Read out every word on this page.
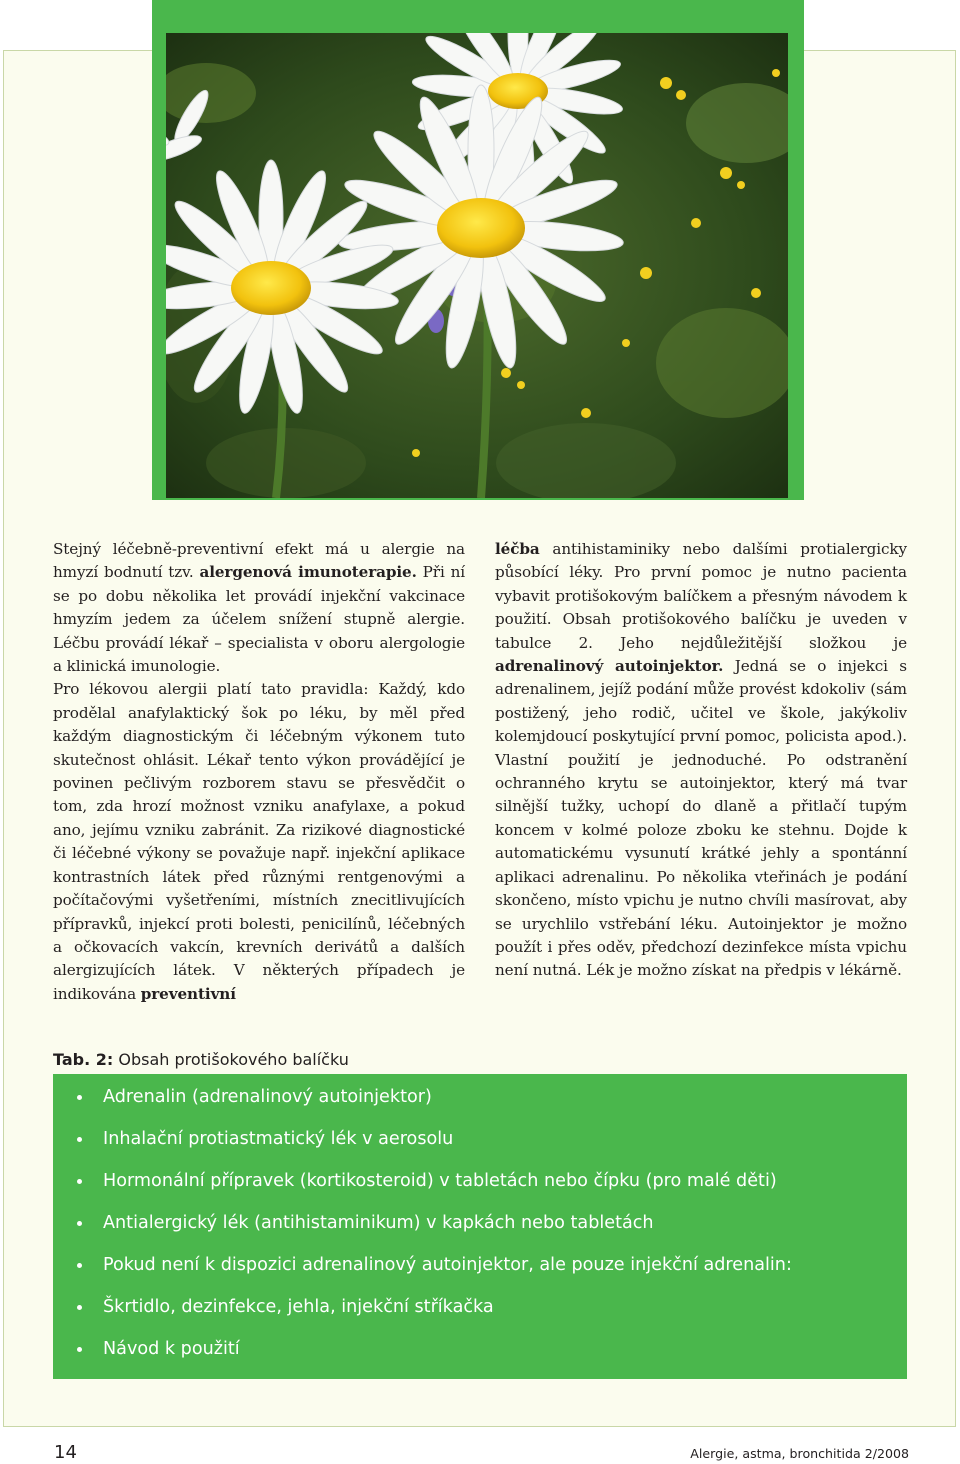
Stejný léčebně-preventivní efekt má u alergie na hmyzí bodnutí tzv. alergenová imunoterapie. Při ní se po dobu několika let provádí injekční vakcinace hmyzím jedem za účelem snížení stupně alergie. Léčbu provádí lékař – specialista v oboru alergologie a klinická imunologie.

Pro lékovou alergii platí tato pravidla: Každý, kdo prodělal anafylaktický šok po léku, by měl před každým diagnostickým či léčebným výkonem tuto skutečnost ohlásit. Lékař tento výkon provádějící je povinen pečlivým rozborem stavu se přesvědčit o tom, zda hrozí možnost vzniku anafylaxe, a pokud ano, jejímu vzniku zabránit. Za rizikové diagnostické či léčebné výkony se považuje např. injekční aplikace kontrastních látek před různými rentgenovými a počítačovými vyšetřeními, místních znecitlivujících přípravků, injekcí proti bolesti, penicilínů, léčebných a očkovacích vakcín, krevních derivátů a dalších alergizujících látek. V některých případech je indikována preventivní

léčba antihistaminiky nebo dalšími protialergicky působící léky. Pro první pomoc je nutno pacienta vybavit protišokovým balíčkem a přesným návodem k použití. Obsah protišokového balíčku je uveden v tabulce 2. Jeho nejdůležitější složkou je adrenalinový autoinjektor. Jedná se o injekci s adrenalinem, jejíž podání může provést kdokoliv (sám postižený, jeho rodič, učitel ve škole, jakýkoliv kolemjdoucí poskytující první pomoc, policista apod.). Vlastní použití je jednoduché. Po odstranění ochranného krytu se autoinjektor, který má tvar silnější tužky, uchopí do dlaně a přitlačí tupým koncem v kolmé poloze zboku ke stehnu. Dojde k automatickému vysunutí krátké jehly a spontánní aplikaci adrenalinu. Po několika vteřinách je podání skončeno, místo vpichu je nutno chvíli masírovat, aby se urychlilo vstřebání léku. Autoinjektor je možno použít i přes oděv, předchozí dezinfekce místa vpichu není nutná. Lék je možno získat na předpis v lékárně.

Tab. 2: Obsah protišokového balíčku

Adrenalin (adrenalinový autoinjektor)
Inhalační protiastmatický lék v aerosolu
Hormonální přípravek (kortikosteroid) v tabletách nebo čípku (pro malé děti)
Antialergický lék (antihistaminikum) v kapkách nebo tabletách
Pokud není k dispozici adrenalinový autoinjektor, ale pouze injekční adrenalin:
Škrtidlo, dezinfekce, jehla, injekční stříkačka
Návod k použití
14	Alergie, astma, bronchitida 2/2008
